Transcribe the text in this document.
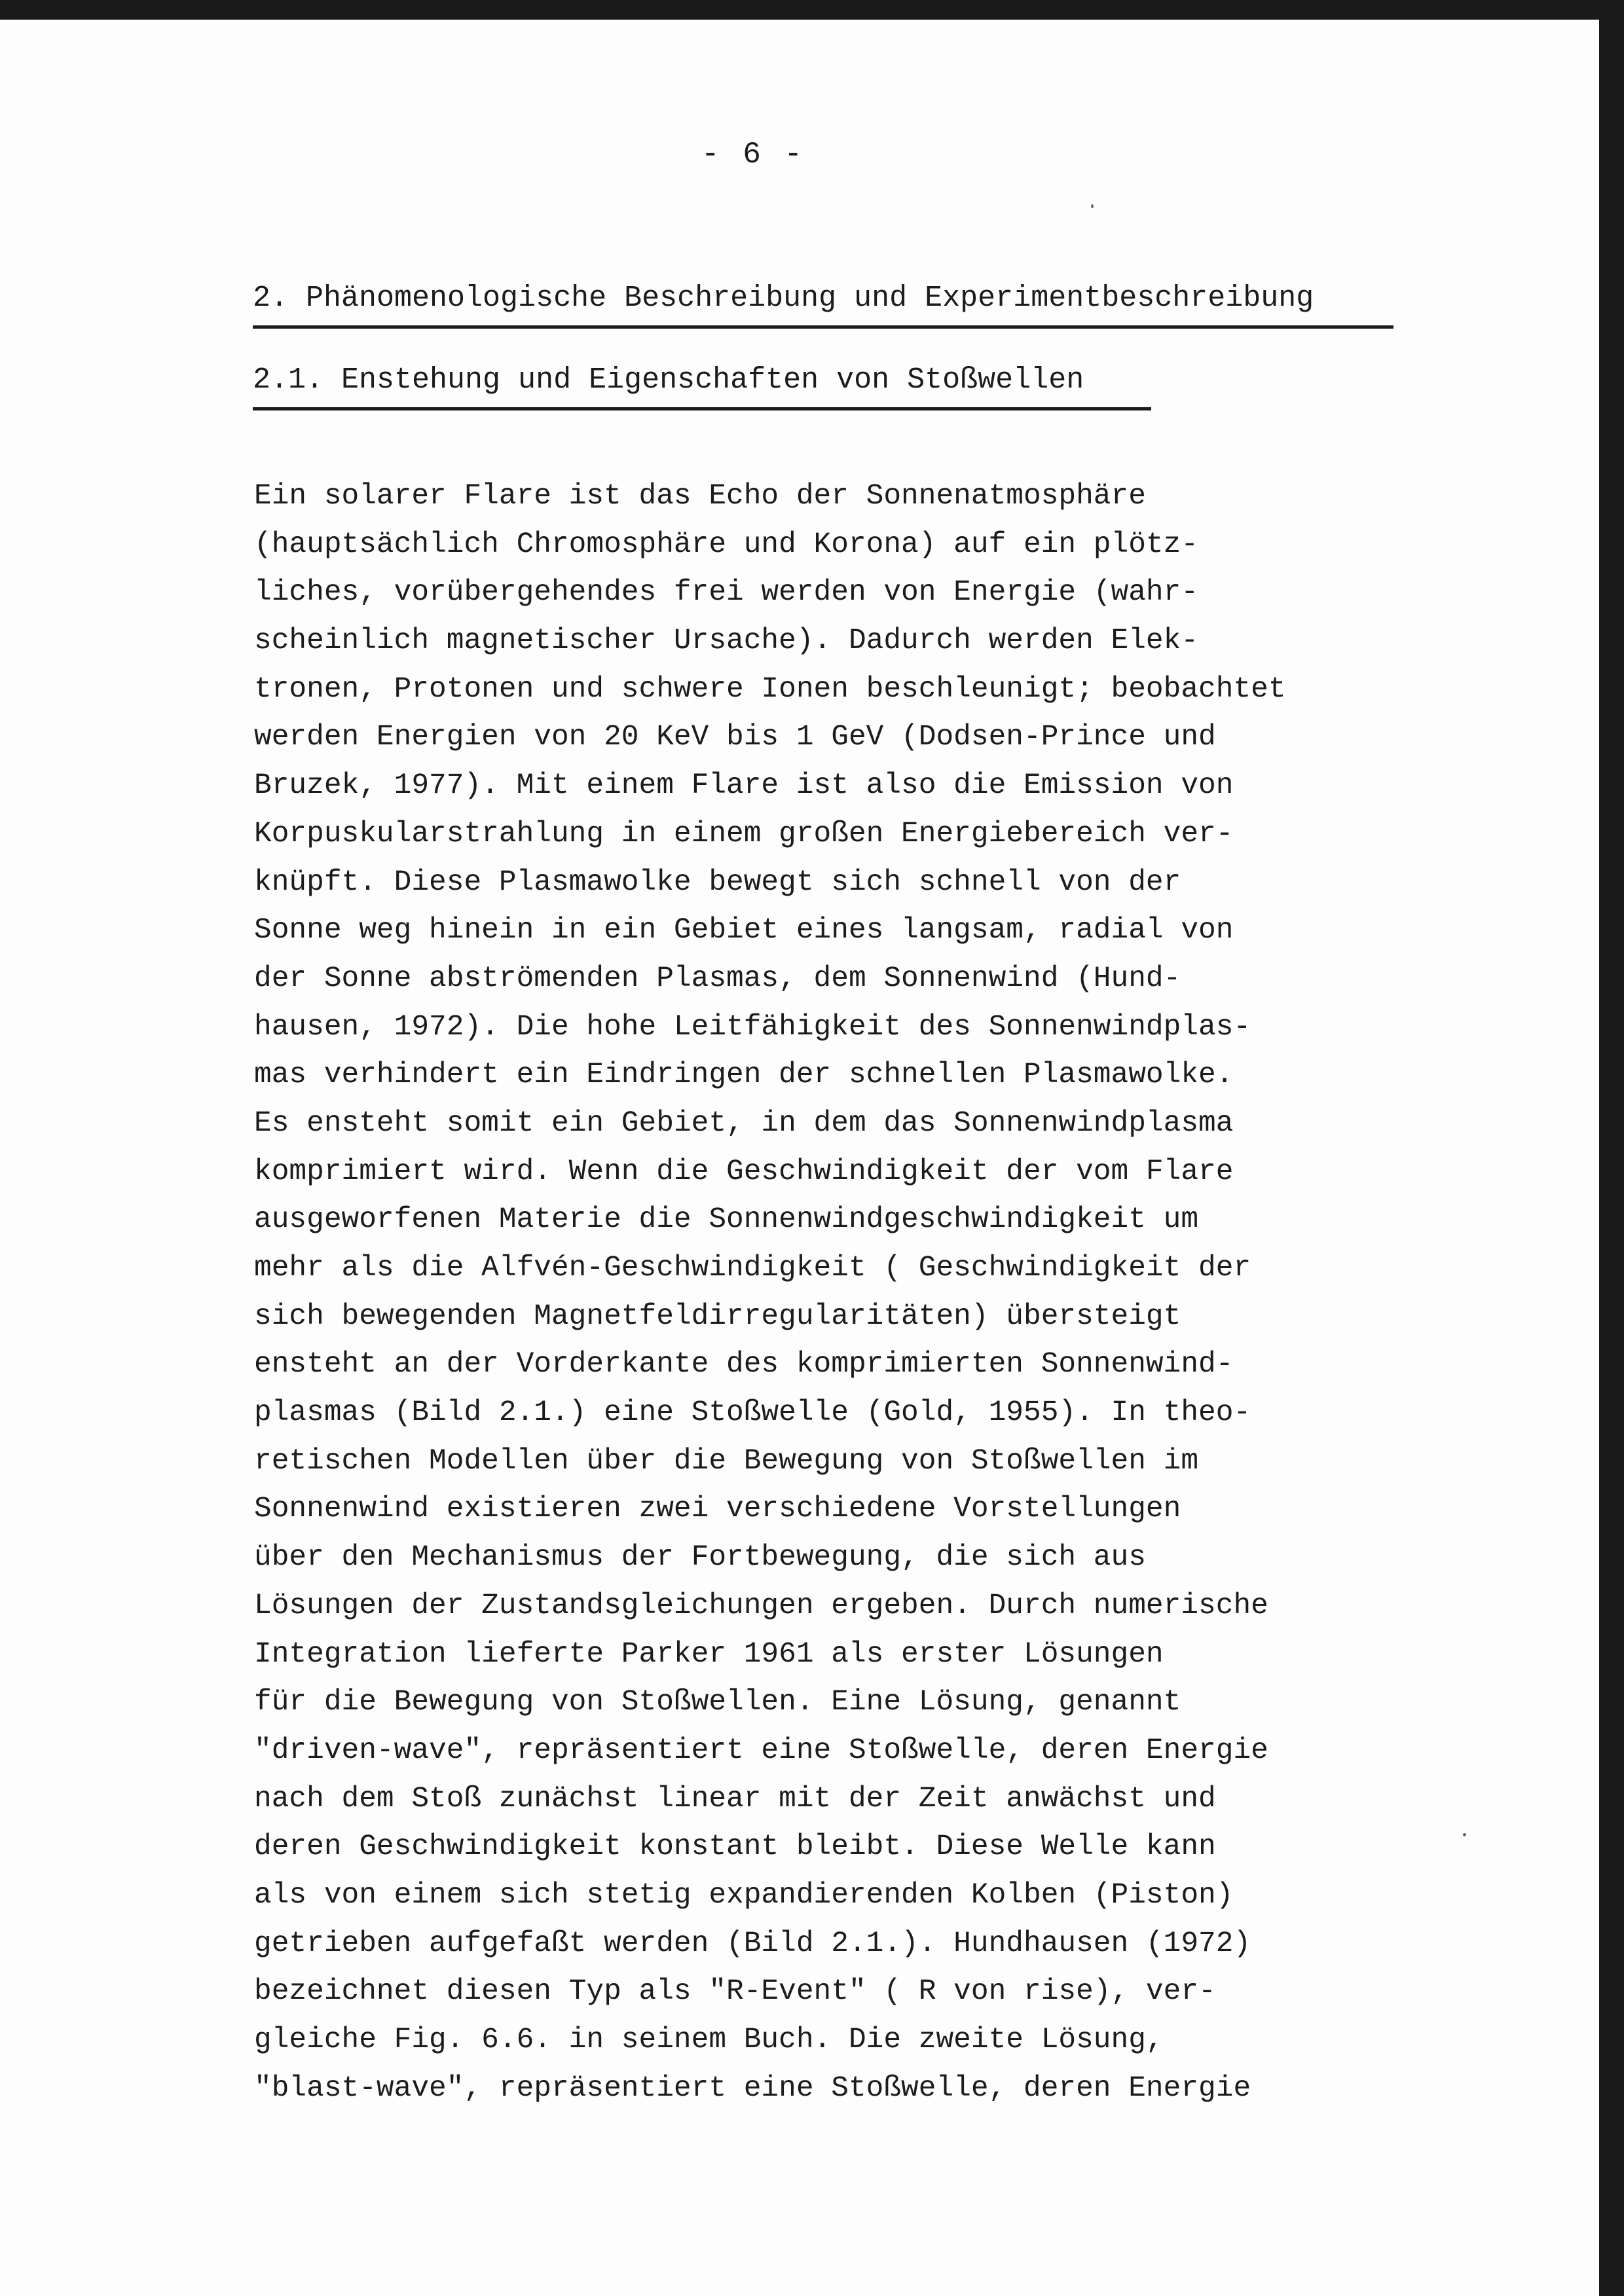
- 6 -
2. Phänomenologische Beschreibung und Experimentbeschreibung
2.1. Enstehung und Eigenschaften von Stoßwellen
Ein solarer Flare ist das Echo der Sonnenatmosphäre
(hauptsächlich Chromosphäre und Korona) auf ein plötz-
liches, vorübergehendes frei werden von Energie (wahr-
scheinlich magnetischer Ursache). Dadurch werden Elek-
tronen, Protonen und schwere Ionen beschleunigt; beobachtet
werden Energien von 20 KeV bis 1 GeV (Dodsen-Prince und
Bruzek, 1977). Mit einem Flare ist also die Emission von
Korpuskularstrahlung in einem großen Energiebereich ver-
knüpft. Diese Plasmawolke bewegt sich schnell von der
Sonne weg hinein in ein Gebiet eines langsam, radial von
der Sonne abströmenden Plasmas, dem Sonnenwind (Hund-
hausen, 1972). Die hohe Leitfähigkeit des Sonnenwindplas-
mas verhindert ein Eindringen der schnellen Plasmawolke.
Es ensteht somit ein Gebiet, in dem das Sonnenwindplasma
komprimiert wird. Wenn die Geschwindigkeit der vom Flare
ausgeworfenen Materie die Sonnenwindgeschwindigkeit um
mehr als die Alfvén-Geschwindigkeit ( Geschwindigkeit der
sich bewegenden Magnetfeldirregularitäten) übersteigt
ensteht an der Vorderkante des komprimierten Sonnenwind-
plasmas (Bild 2.1.) eine Stoßwelle (Gold, 1955). In theo-
retischen Modellen über die Bewegung von Stoßwellen im
Sonnenwind existieren zwei verschiedene Vorstellungen
über den Mechanismus der Fortbewegung, die sich aus
Lösungen der Zustandsgleichungen ergeben. Durch numerische
Integration lieferte Parker 1961 als erster Lösungen
für die Bewegung von Stoßwellen. Eine Lösung, genannt
"driven-wave", repräsentiert eine Stoßwelle, deren Energie
nach dem Stoß zunächst linear mit der Zeit anwächst und
deren Geschwindigkeit konstant bleibt. Diese Welle kann
als von einem sich stetig expandierenden Kolben (Piston)
getrieben aufgefaßt werden (Bild 2.1.). Hundhausen (1972)
bezeichnet diesen Typ als "R-Event" ( R von rise), ver-
gleiche Fig. 6.6. in seinem Buch. Die zweite Lösung,
"blast-wave", repräsentiert eine Stoßwelle, deren Energie
